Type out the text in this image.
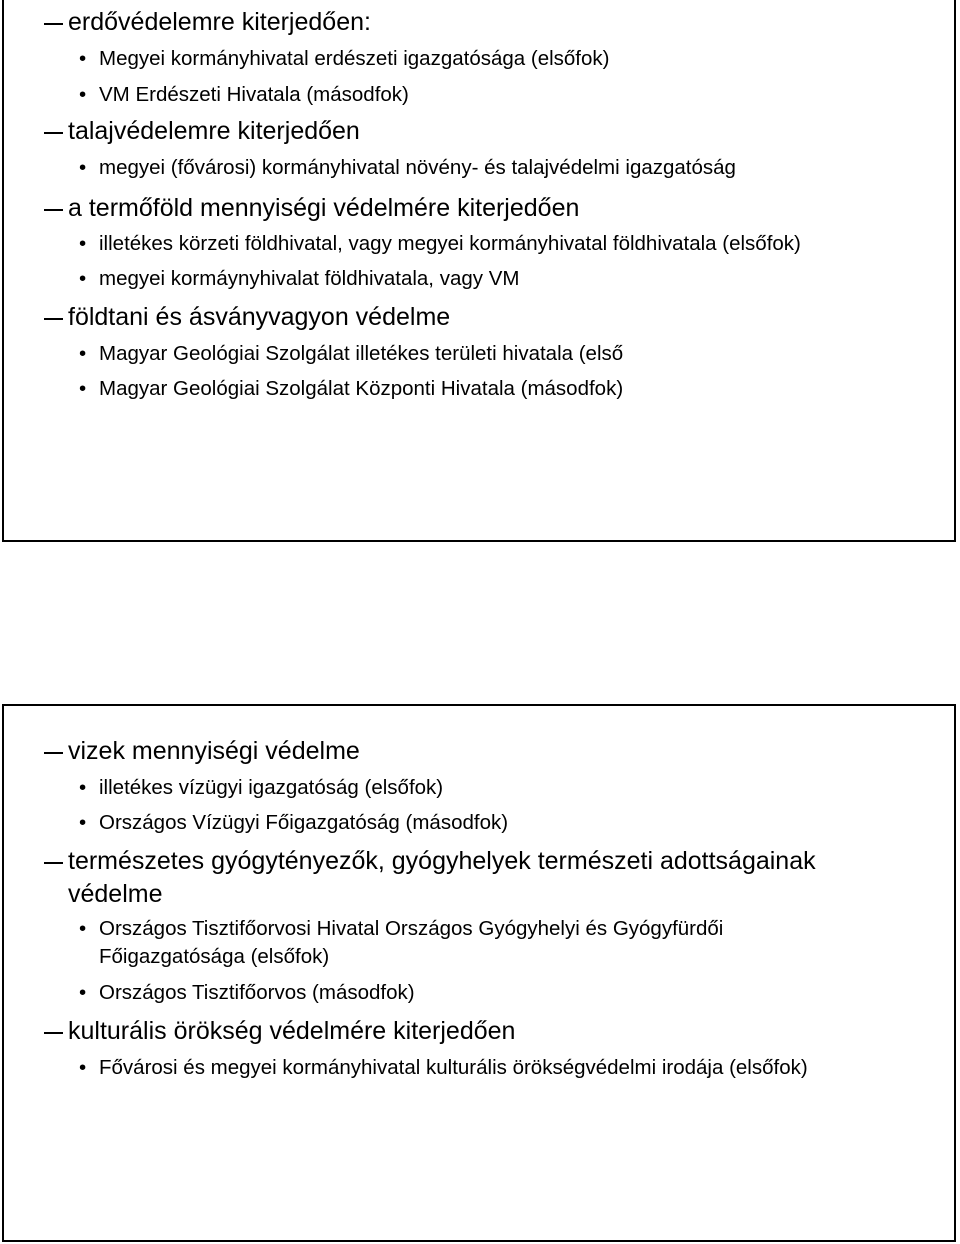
erdővédelemre kiterjedően:
• Megyei kormányhivatal erdészeti igazgatósága (elsőfok)
• VM Erdészeti Hivatala (másodfok)
talajvédelemre kiterjedően
• megyei (fővárosi) kormányhivatal növény- és talajvédelmi igazgatóság
a termőföld mennyiségi védelmére kiterjedően
• illetékes körzeti földhivatal, vagy megyei kormányhivatal földhivatala (elsőfok)
• megyei kormáynyhivalat földhivatala, vagy VM
földtani és ásványvagyon védelme
• Magyar Geológiai Szolgálat illetékes területi hivatala (első
• Magyar Geológiai Szolgálat Központi Hivatala (másodfok)
vizek mennyiségi védelme
• illetékes vízügyi igazgatóság (elsőfok)
• Országos Vízügyi Főigazgatóság (másodfok)
természetes gyógytényezők, gyógyhelyek természeti adottságainak
védelme
• Országos Tisztifőorvosi Hivatal Országos Gyógyhelyi és Gyógyfürdői
Főigazgatósága (elsőfok)
• Országos Tisztifőorvos (másodfok)
kulturális örökség védelmére kiterjedően
• Fővárosi és megyei kormányhivatal kulturális örökségvédelmi irodája (elsőfok)
